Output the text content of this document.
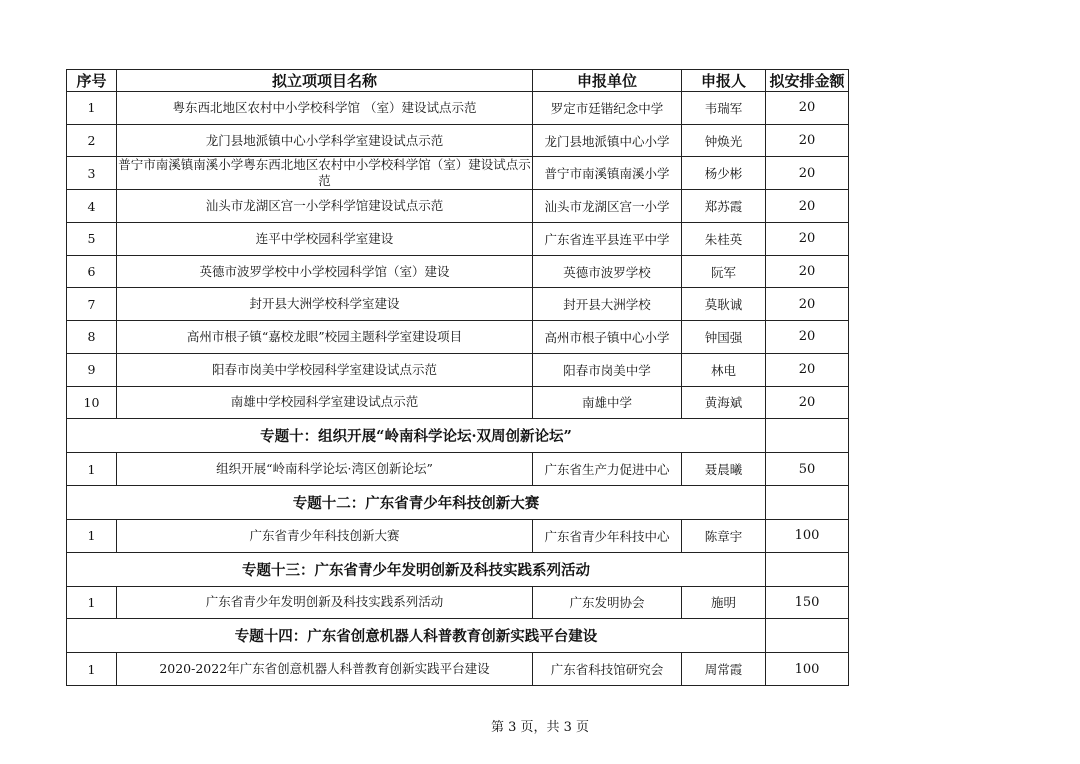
序号	拟立项项目名称	申报单位	申报人	拟安排金额
1	粤东西北地区农村中小学校科学馆 （室）建设试点示范	罗定市廷锴纪念中学	韦瑞军	20
2	龙门县地派镇中心小学科学室建设试点示范	龙门县地派镇中心小学	钟焕光	20
3	普宁市南溪镇南溪小学粤东西北地区农村中小学校科学馆（室）建设试点示范	普宁市南溪镇南溪小学	杨少彬	20
4	汕头市龙湖区宫一小学科学馆建设试点示范	汕头市龙湖区宫一小学	郑苏霞	20
5	连平中学校园科学室建设	广东省连平县连平中学	朱桂英	20
6	英德市波罗学校中小学校园科学馆（室）建设	英德市波罗学校	阮军	20
7	封开县大洲学校科学室建设	封开县大洲学校	莫耿诚	20
8	高州市根子镇“嘉校龙眼”校园主题科学室建设项目	高州市根子镇中心小学	钟国强	20
9	阳春市岗美中学校园科学室建设试点示范	阳春市岗美中学	林电	20
10	南雄中学校园科学室建设试点示范	南雄中学	黄海斌	20
专题十：组织开展“岭南科学论坛·双周创新论坛”				
1	组织开展“岭南科学论坛·湾区创新论坛”	广东省生产力促进中心	聂晨曦	50
专题十二：广东省青少年科技创新大赛				
1	广东省青少年科技创新大赛	广东省青少年科技中心	陈章宇	100
专题十三：广东省青少年发明创新及科技实践系列活动				
1	广东省青少年发明创新及科技实践系列活动	广东发明协会	施明	150
专题十四：广东省创意机器人科普教育创新实践平台建设				
1	2020-2022年广东省创意机器人科普教育创新实践平台建设	广东省科技馆研究会	周常霞	100
第 3 页，共 3 页
